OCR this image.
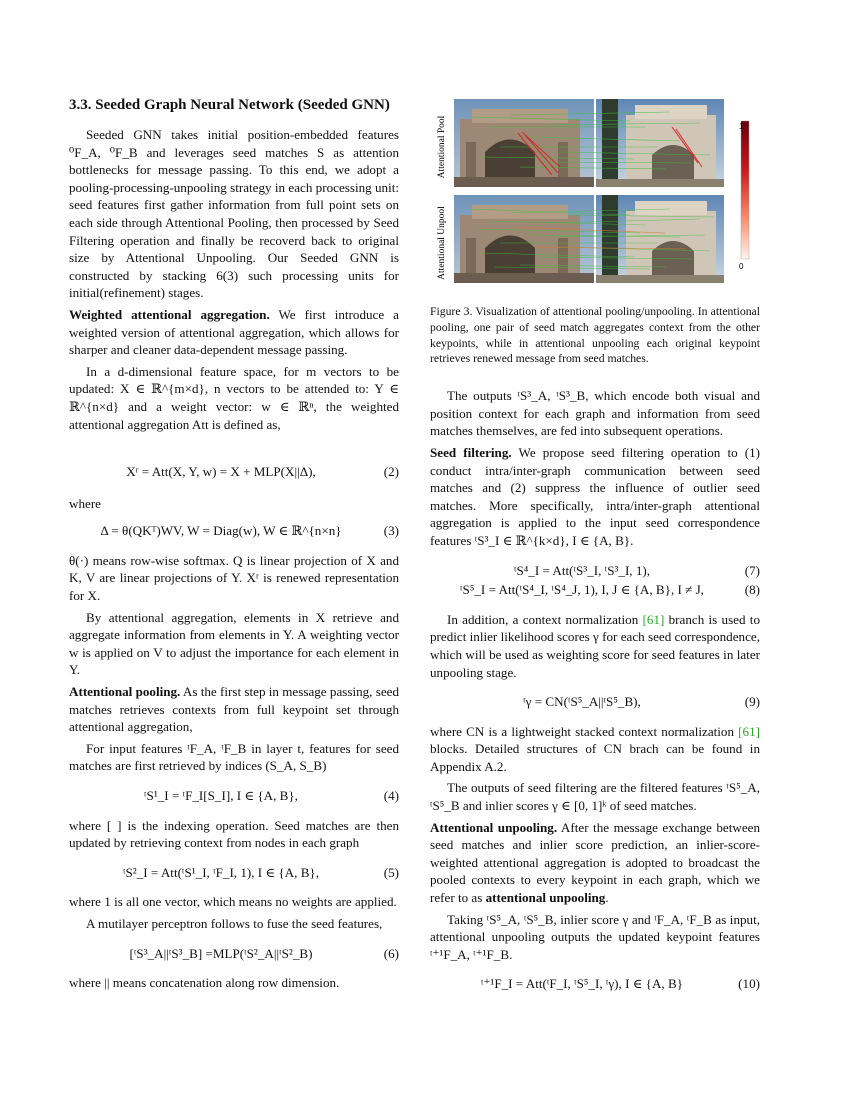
3.3. Seeded Graph Neural Network (Seeded GNN)

Seeded GNN takes initial position-embedded features ⁰F_A, ⁰F_B and leverages seed matches S as attention bottlenecks for message passing. To this end, we adopt a pooling-processing-unpooling strategy in each processing unit: seed features first gather information from full point sets on each side through Attentional Pooling, then processed by Seed Filtering operation and finally be recoverd back to original size by Attentional Unpooling. Our Seeded GNN is constructed by stacking 6(3) such processing units for initial(refinement) stages.

Weighted attentional aggregation. We first introduce a weighted version of attentional aggregation, which allows for sharper and cleaner data-dependent message passing.

In a d-dimensional feature space, for m vectors to be updated: X ∈ ℝ^{m×d}, n vectors to be attended to: Y ∈ ℝ^{n×d} and a weight vector: w ∈ ℝⁿ, the weighted attentional aggregation Att is defined as,

Xʳ = Att(X, Y, w) = X + MLP(X||Δ),	(2)

where

Δ = θ(QKᵀ)WV, W = Diag(w), W ∈ ℝ^{n×n}	(3)

θ(·) means row-wise softmax. Q is linear projection of X and K, V are linear projections of Y. Xʳ is renewed representation for X.

By attentional aggregation, elements in X retrieve and aggregate information from elements in Y. A weighting vector w is applied on V to adjust the importance for each element in Y.

Attentional pooling. As the first step in message passing, seed matches retrieves contexts from full keypoint set through attentional aggregation,

For input features ᵗF_A, ᵗF_B in layer t, features for seed matches are first retrieved by indices (S_A, S_B)

ᵗS¹_I = ᵗF_I[S_I], I ∈ {A, B},	(4)

where [ ] is the indexing operation. Seed matches are then updated by retrieving context from nodes in each graph

ᵗS²_I = Att(ᵗS¹_I, ᵗF_I, 1), I ∈ {A, B},	(5)

where 1 is all one vector, which means no weights are applied.

A mutilayer perceptron follows to fuse the seed features,

[ᵗS³_A||ᵗS³_B] =MLP(ᵗS²_A||ᵗS²_B)	(6)

where || means concatenation along row dimension.

Attentional Pool
Attentional Unpool
1
0

Figure 3. Visualization of attentional pooling/unpooling. In attentional pooling, one pair of seed match aggregates context from the other keypoints, while in attentional unpooling each original keypoint retrieves renewed message from seed matches.

The outputs ᵗS³_A, ᵗS³_B, which encode both visual and position context for each graph and information from seed matches themselves, are fed into subsequent operations.

Seed filtering. We propose seed filtering operation to (1) conduct intra/inter-graph communication between seed matches and (2) suppress the influence of outlier seed matches. More specifically, intra/inter-graph attentional aggregation is applied to the input seed correspondence features ᵗS³_I ∈ ℝ^{k×d}, I ∈ {A, B}.

ᵗS⁴_I = Att(ᵗS³_I, ᵗS³_I, 1),	(7)
ᵗS⁵_I = Att(ᵗS⁴_I, ᵗS⁴_J, 1), I, J ∈ {A, B}, I ≠ J,	(8)

In addition, a context normalization [61] branch is used to predict inlier likelihood scores γ for each seed correspondence, which will be used as weighting score for seed features in later unpooling stage.

ᵗγ = CN(ᵗS⁵_A||ᵗS⁵_B),	(9)

where CN is a lightweight stacked context normalization [61] blocks. Detailed structures of CN brach can be found in Appendix A.2.

The outputs of seed filtering are the filtered features ᵗS⁵_A, ᵗS⁵_B and inlier scores γ ∈ [0, 1]ᵏ of seed matches.

Attentional unpooling. After the message exchange between seed matches and inlier score prediction, an inlier-score-weighted attentional aggregation is adopted to broadcast the pooled contexts to every keypoint in each graph, which we refer to as attentional unpooling.

Taking ᵗS⁵_A, ᵗS⁵_B, inlier score γ and ᵗF_A, ᵗF_B as input, attentional unpooling outputs the updated keypoint features ᵗ⁺¹F_A, ᵗ⁺¹F_B.

ᵗ⁺¹F_I = Att(ᵗF_I, ᵗS⁵_I, ᵗγ), I ∈ {A, B}	(10)
